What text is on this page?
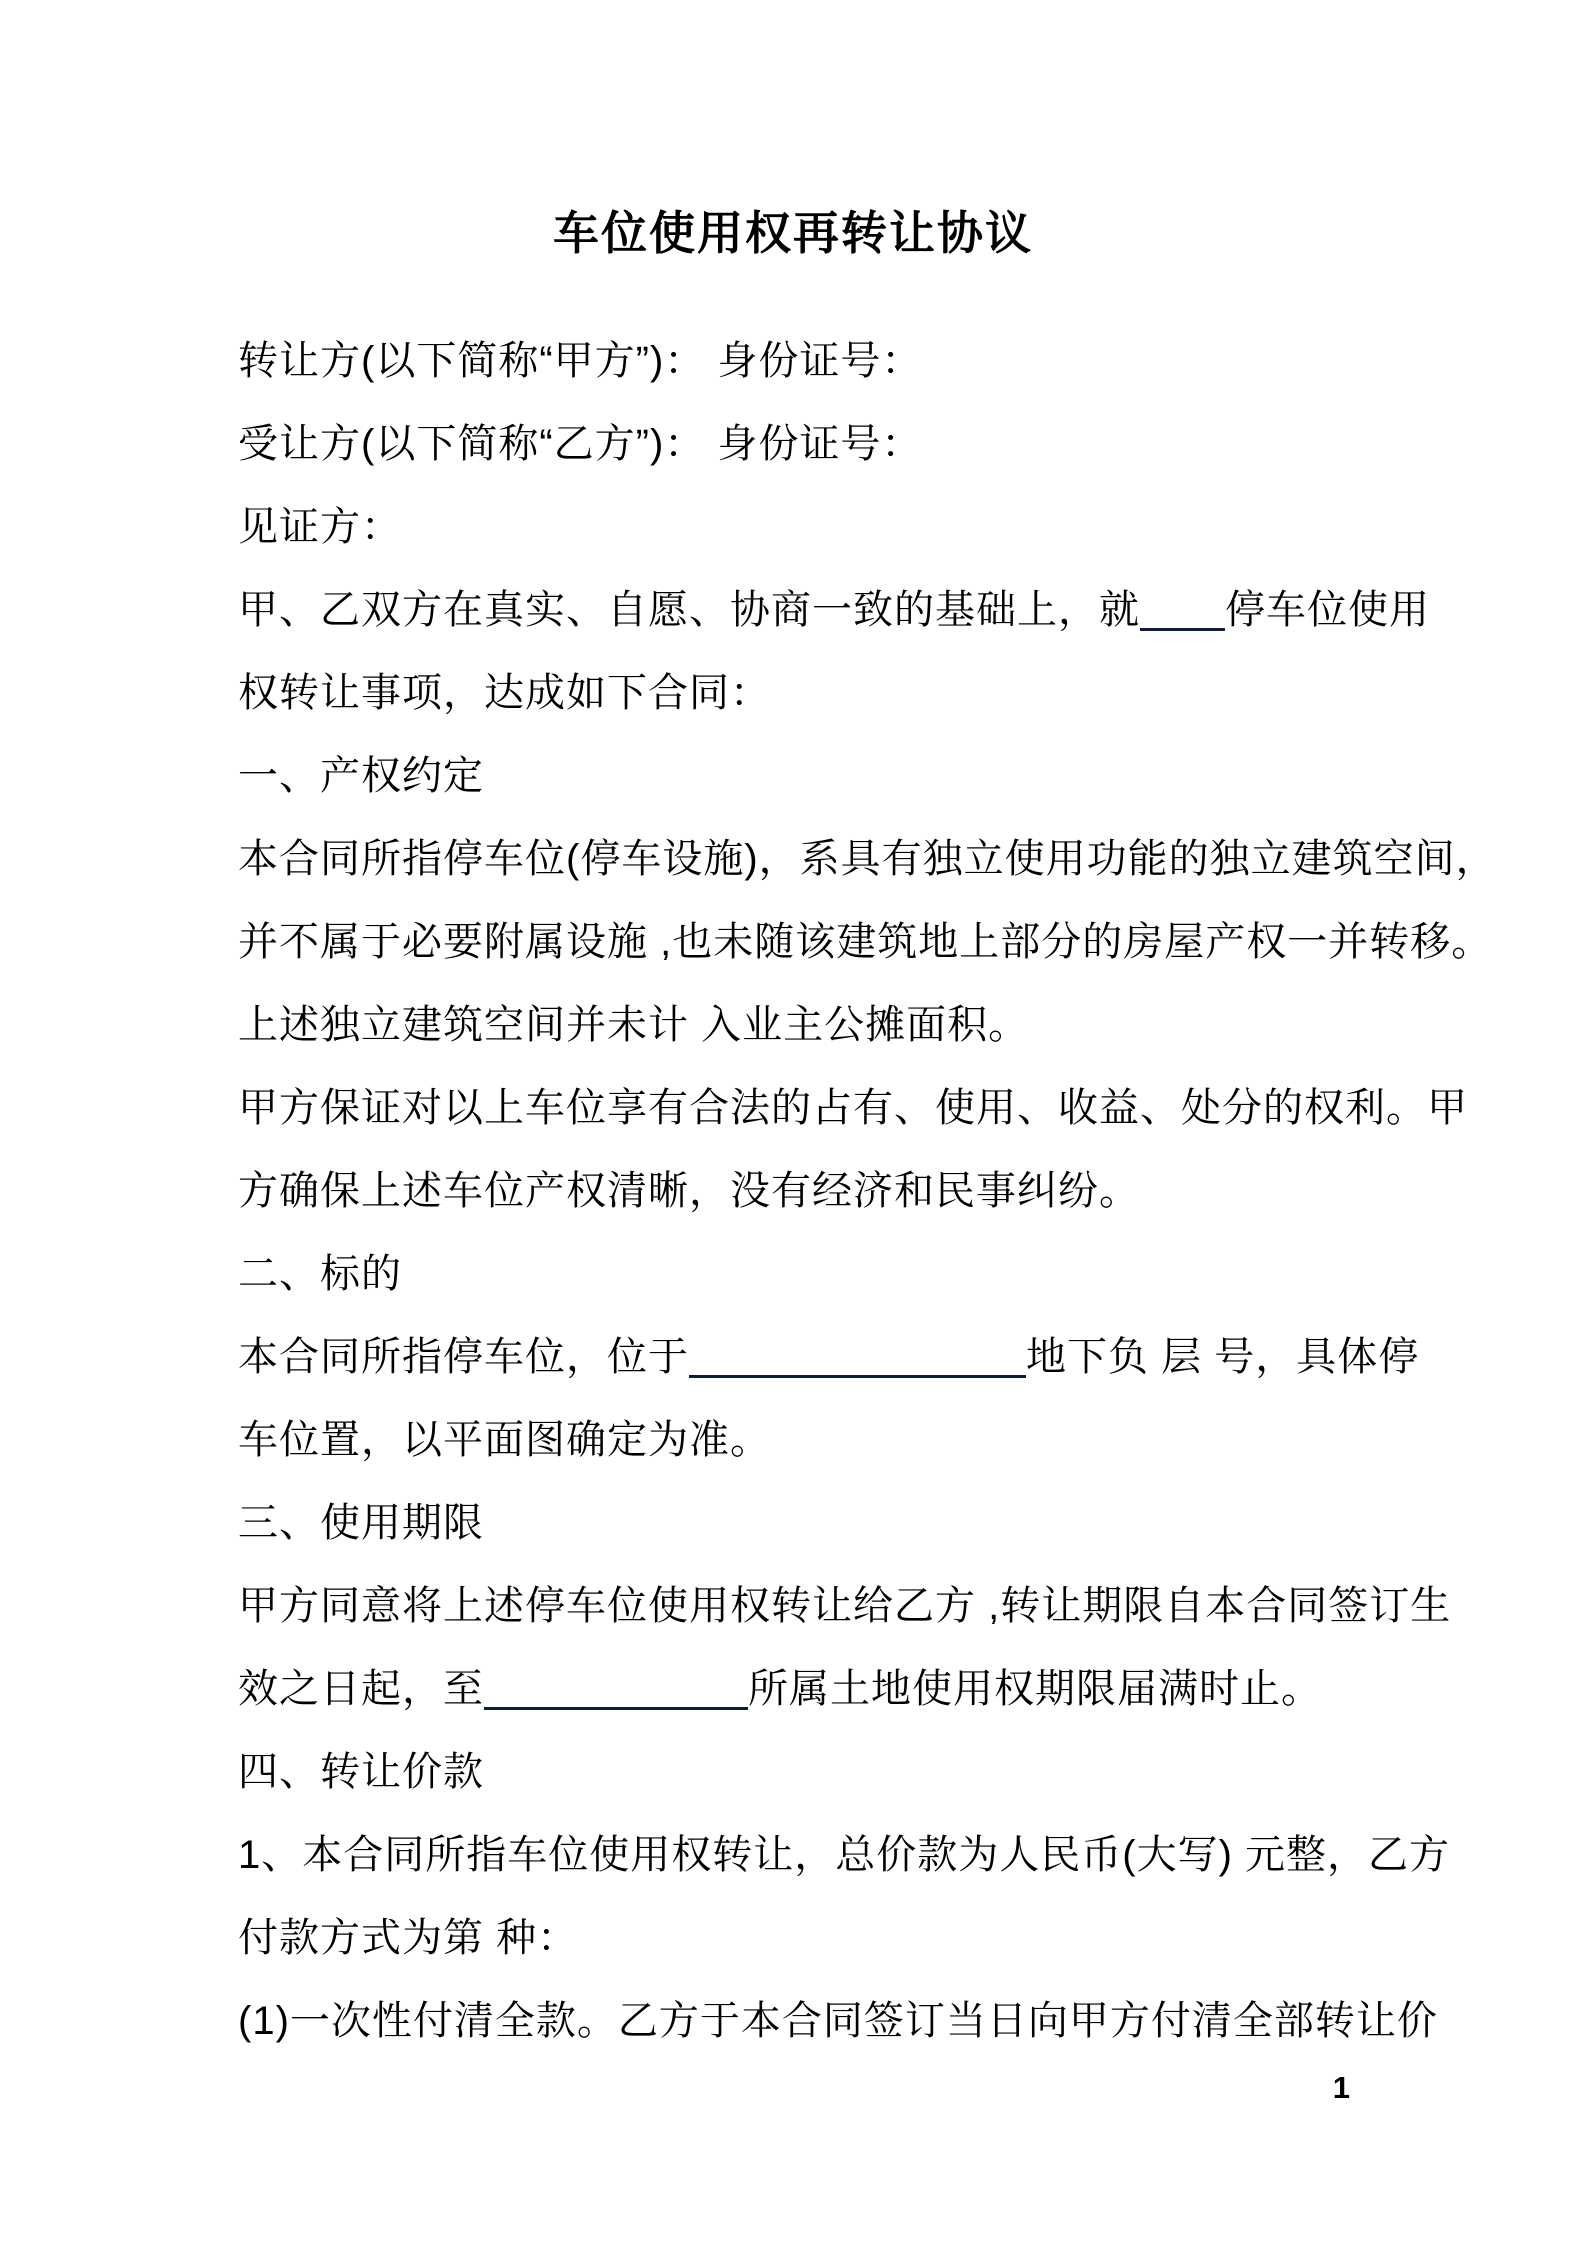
车位使用权再转让协议
转让方(以下简称“甲方”)： 身份证号：
受让方(以下简称“乙方”)： 身份证号：
见证方：
甲、乙双方在真实、自愿、协商一致的基础上，就 停车位使用
权转让事项，达成如下合同：
一、产权约定
本合同所指停车位(停车设施)，系具有独立使用功能的独立建筑空间，
并不属于必要附属设施 ,也未随该建筑地上部分的房屋产权一并转移。
上述独立建筑空间并未计 入业主公摊面积。
甲方保证对以上车位享有合法的占有、使用、收益、处分的权利。甲
方确保上述车位产权清晰，没有经济和民事纠纷。
二、标的
本合同所指停车位，位于	地下负 层 号，具体停
车位置，以平面图确定为准。
三、使用期限
甲方同意将上述停车位使用权转让给乙方 ,转让期限自本合同签订生
效之日起，至	所属土地使用权期限届满时止。
四、转让价款
1、本合同所指车位使用权转让，总价款为人民币(大写) 元整，乙方
付款方式为第 种：
(1)一次性付清全款。乙方于本合同签订当日向甲方付清全部转让价
1
